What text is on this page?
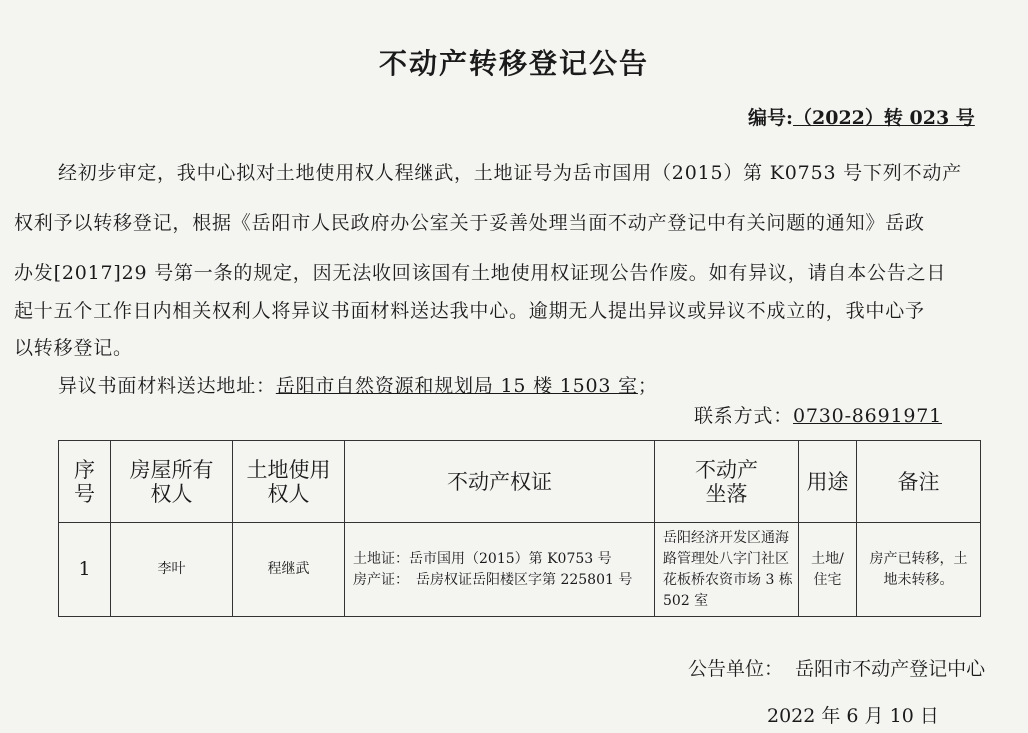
不动产转移登记公告
编号:（2022）转 023 号
经初步审定，我中心拟对土地使用权人程继武，土地证号为岳市国用（2015）第 K0753 号下列不动产
权利予以转移登记，根据《岳阳市人民政府办公室关于妥善处理当面不动产登记中有关问题的通知》岳政
办发[2017]29 号第一条的规定，因无法收回该国有土地使用权证现公告作废。如有异议，请自本公告之日
起十五个工作日内相关权利人将异议书面材料送达我中心。逾期无人提出异议或异议不成立的，我中心予
以转移登记。
异议书面材料送达地址：岳阳市自然资源和规划局 15 楼 1503 室；
联系方式：0730-8691971
序号	房屋所有权人	土地使用权人	不动产权证	不动产坐落	用途	备注
1	李叶	程继武	土地证：岳市国用（2015）第 K0753 号
房产证：　岳房权证岳阳楼区字第 225801 号	岳阳经济开发区通海路管理处八字门社区花板桥农资市场 3 栋 502 室	土地/住宅	房产已转移，土地未转移。
公告单位： 岳阳市不动产登记中心
2022 年 6 月 10 日
